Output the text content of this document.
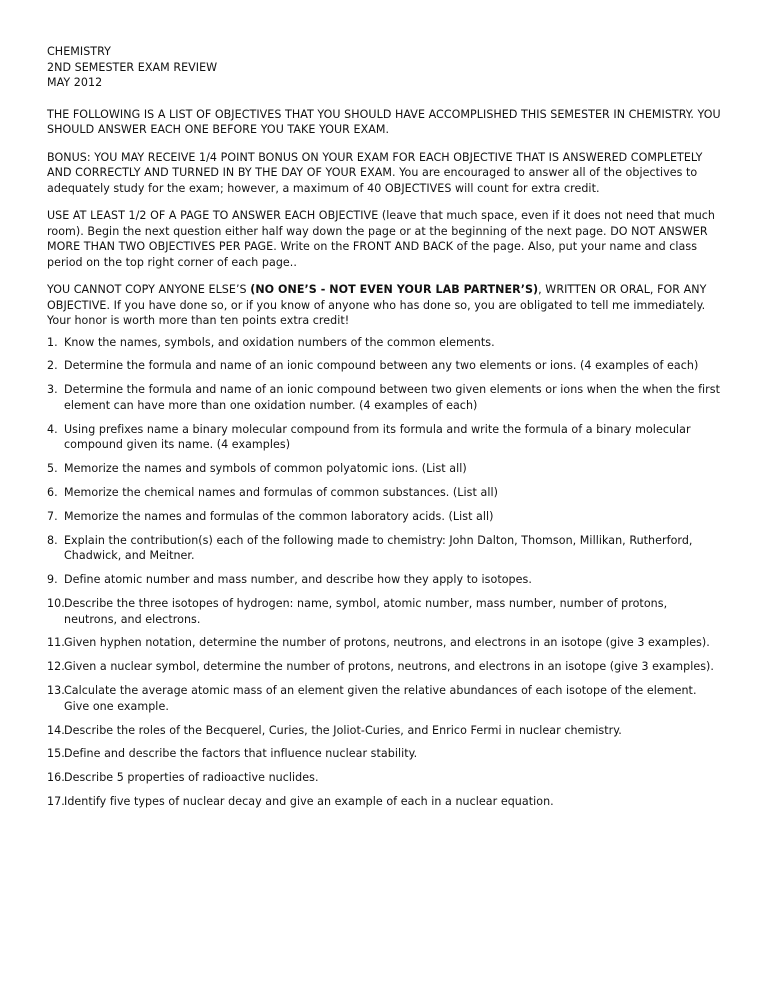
CHEMISTRY
2ND SEMESTER EXAM REVIEW
MAY 2012

THE FOLLOWING IS A LIST OF OBJECTIVES THAT YOU SHOULD HAVE ACCOMPLISHED THIS SEMESTER IN CHEMISTRY. YOU SHOULD ANSWER EACH ONE BEFORE YOU TAKE YOUR EXAM.

BONUS: YOU MAY RECEIVE 1/4 POINT BONUS ON YOUR EXAM FOR EACH OBJECTIVE THAT IS ANSWERED COMPLETELY AND CORRECTLY AND TURNED IN BY THE DAY OF YOUR EXAM. You are encouraged to answer all of the objectives to adequately study for the exam; however, a maximum of 40 OBJECTIVES will count for extra credit.

USE AT LEAST 1/2 OF A PAGE TO ANSWER EACH OBJECTIVE (leave that much space, even if it does not need that much room). Begin the next question either half way down the page or at the beginning of the next page. DO NOT ANSWER MORE THAN TWO OBJECTIVES PER PAGE. Write on the FRONT AND BACK of the page. Also, put your name and class period on the top right corner of each page..

YOU CANNOT COPY ANYONE ELSE’S (NO ONE’S - NOT EVEN YOUR LAB PARTNER’S), WRITTEN OR ORAL, FOR ANY OBJECTIVE. If you have done so, or if you know of anyone who has done so, you are obligated to tell me immediately. Your honor is worth more than ten points extra credit!

1. Know the names, symbols, and oxidation numbers of the common elements.
2. Determine the formula and name of an ionic compound between any two elements or ions. (4 examples of each)
3. Determine the formula and name of an ionic compound between two given elements or ions when the when the first element can have more than one oxidation number. (4 examples of each)
4. Using prefixes name a binary molecular compound from its formula and write the formula of a binary molecular compound given its name. (4 examples)
5. Memorize the names and symbols of common polyatomic ions. (List all)
6. Memorize the chemical names and formulas of common substances. (List all)
7. Memorize the names and formulas of the common laboratory acids. (List all)
8. Explain the contribution(s) each of the following made to chemistry: John Dalton, Thomson, Millikan, Rutherford, Chadwick, and Meitner.
9. Define atomic number and mass number, and describe how they apply to isotopes.
10. Describe the three isotopes of hydrogen: name, symbol, atomic number, mass number, number of protons, neutrons, and electrons.
11. Given hyphen notation, determine the number of protons, neutrons, and electrons in an isotope (give 3 examples).
12. Given a nuclear symbol, determine the number of protons, neutrons, and electrons in an isotope (give 3 examples).
13. Calculate the average atomic mass of an element given the relative abundances of each isotope of the element. Give one example.
14. Describe the roles of the Becquerel, Curies, the Joliot-Curies, and Enrico Fermi in nuclear chemistry.
15. Define and describe the factors that influence nuclear stability.
16. Describe 5 properties of radioactive nuclides.
17. Identify five types of nuclear decay and give an example of each in a nuclear equation.
